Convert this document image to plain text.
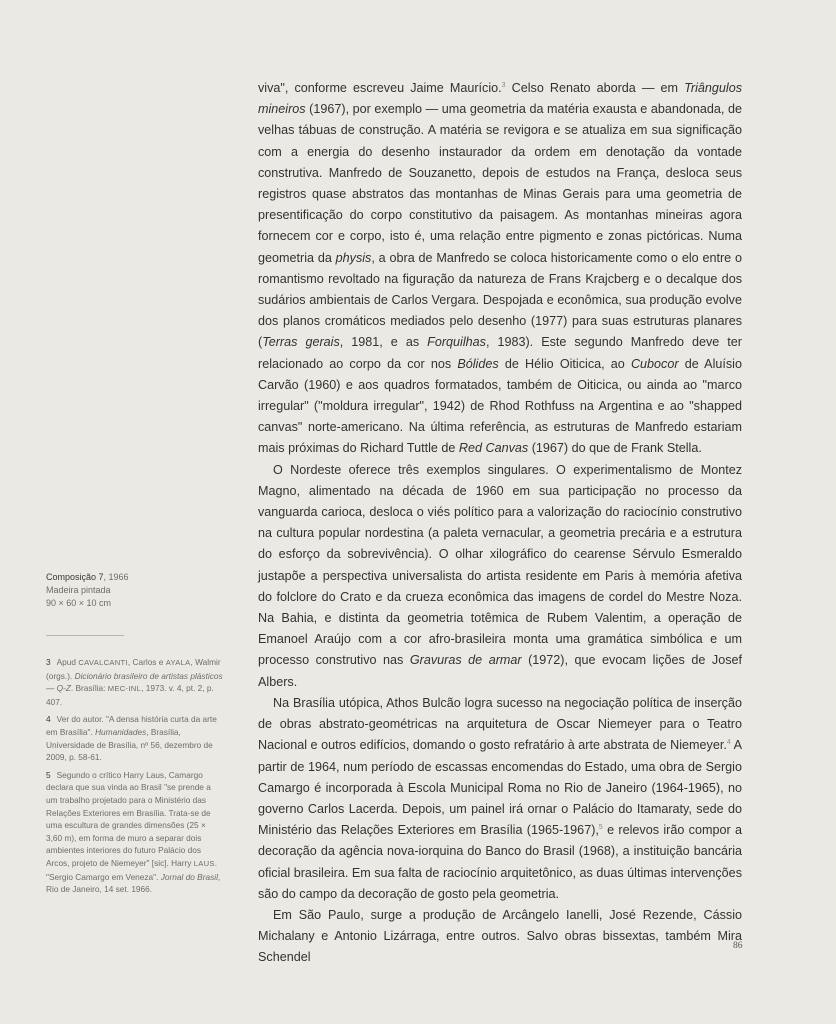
viva", conforme escreveu Jaime Maurício.$^3$ Celso Renato aborda — em Triângulos mineiros (1967), por exemplo — uma geometria da matéria exausta e abandonada, de velhas tábuas de construção. A matéria se revigora e se atualiza em sua significação com a energia do desenho instaurador da ordem em denotação da vontade construtiva. Manfredo de Souzanetto, depois de estudos na França, desloca seus registros quase abstratos das montanhas de Minas Gerais para uma geometria de presentificação do corpo constitutivo da paisagem. As montanhas mineiras agora fornecem cor e corpo, isto é, uma relação entre pigmento e zonas pictóricas. Numa geometria da physis, a obra de Manfredo se coloca historicamente como o elo entre o romantismo revoltado na figuração da natureza de Frans Krajcberg e o decalque dos sudários ambientais de Carlos Vergara. Despojada e econômica, sua produção evolve dos planos cromáticos mediados pelo desenho (1977) para suas estruturas planares (Terras gerais, 1981, e as Forquilhas, 1983). Este segundo Manfredo deve ter relacionado ao corpo da cor nos Bólides de Hélio Oiticica, ao Cubocor de Aluísio Carvão (1960) e aos quadros formatados, também de Oiticica, ou ainda ao "marco irregular" ("moldura irregular", 1942) de Rhod Rothfuss na Argentina e ao "shapped canvas" norte-americano. Na última referência, as estruturas de Manfredo estariam mais próximas do Richard Tuttle de Red Canvas (1967) do que de Frank Stella.

O Nordeste oferece três exemplos singulares. O experimentalismo de Montez Magno, alimentado na década de 1960 em sua participação no processo da vanguarda carioca, desloca o viés político para a valorização do raciocínio construtivo na cultura popular nordestina (a paleta vernacular, a geometria precária e a estrutura do esforço da sobrevivência). O olhar xilográfico do cearense Sérvulo Esmeraldo justapõe a perspectiva universalista do artista residente em Paris à memória afetiva do folclore do Crato e da crueza econômica das imagens de cordel do Mestre Noza. Na Bahia, e distinta da geometria totêmica de Rubem Valentim, a operação de Emanoel Araújo com a cor afro-brasileira monta uma gramática simbólica e um processo construtivo nas Gravuras de armar (1972), que evocam lições de Josef Albers.

Na Brasília utópica, Athos Bulcão logra sucesso na negociação política de inserção de obras abstrato-geométricas na arquitetura de Oscar Niemeyer para o Teatro Nacional e outros edifícios, domando o gosto refratário à arte abstrata de Niemeyer.$^4$ A partir de 1964, num período de escassas encomendas do Estado, uma obra de Sergio Camargo é incorporada à Escola Municipal Roma no Rio de Janeiro (1964-1965), no governo Carlos Lacerda. Depois, um painel irá ornar o Palácio do Itamaraty, sede do Ministério das Relações Exteriores em Brasília (1965-1967),$^5$ e relevos irão compor a decoração da agência nova-iorquina do Banco do Brasil (1968), a instituição bancária oficial brasileira. Em sua falta de raciocínio arquitetônico, as duas últimas intervenções são do campo da decoração de gosto pela geometria.

Em São Paulo, surge a produção de Arcângelo Ianelli, José Rezende, Cássio Michalany e Antonio Lizárraga, entre outros. Salvo obras bissextas, também Mira Schendel

Composição 7, 1966
Madeira pintada
90 × 60 × 10 cm

3 Apud CAVALCANTI, Carlos e AYALA, Walmir (orgs.). Dicionário brasileiro de artistas plásticos — Q-Z. Brasília: MEC-INL, 1973. v. 4, pt. 2, p. 407.

4 Ver do autor. "A densa história curta da arte em Brasília". Humanidades, Brasília, Universidade de Brasília, nº 56, dezembro de 2009, p. 58-61.

5 Segundo o crítico Harry Laus, Camargo declara que sua vinda ao Brasil "se prende a um trabalho projetado para o Ministério das Relações Exteriores em Brasília. Trata-se de uma escultura de grandes dimensões (25 × 3,60 m), em forma de muro a separar dois ambientes interiores do futuro Palácio dos Arcos, projeto de Niemeyer" [sic]. Harry LAUS. "Sergio Camargo em Veneza". Jornal do Brasil, Rio de Janeiro, 14 set. 1966.

86
